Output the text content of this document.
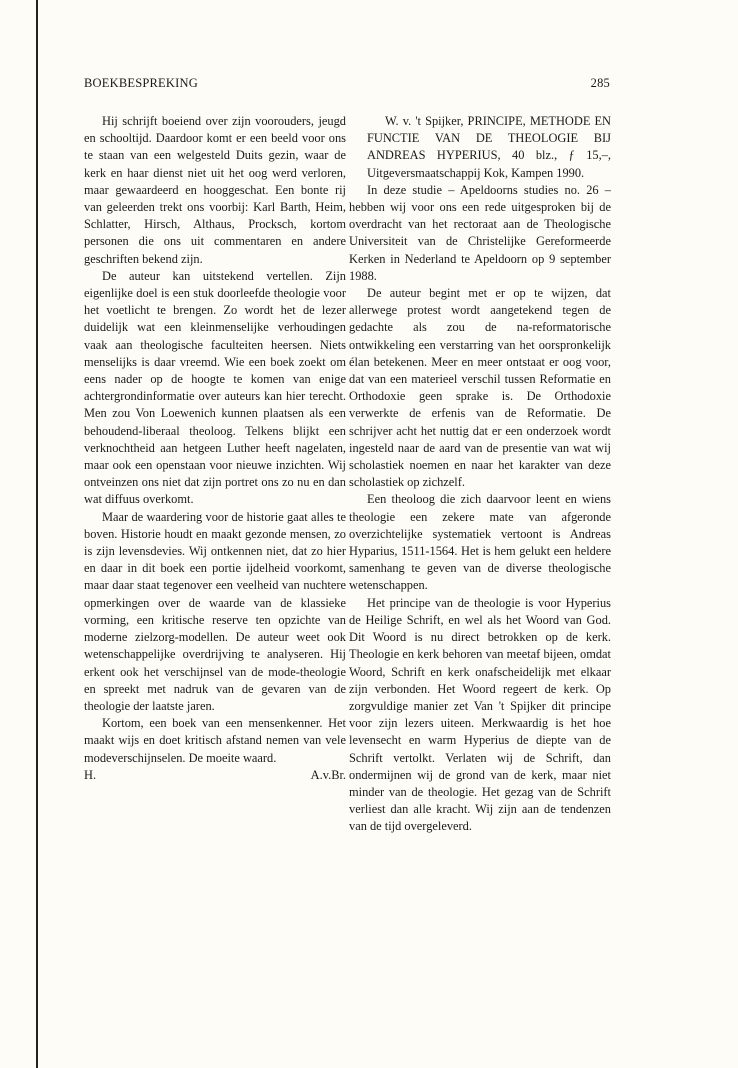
BOEKBESPREKING	285

Hij schrijft boeiend over zijn voorouders, jeugd en schooltijd. Daardoor komt er een beeld voor ons te staan van een welgesteld Duits gezin, waar de kerk en haar dienst niet uit het oog werd verloren, maar gewaardeerd en hooggeschat. Een bonte rij van geleerden trekt ons voorbij: Karl Barth, Heim, Schlatter, Hirsch, Althaus, Procksch, kortom personen die ons uit commentaren en andere geschriften bekend zijn.

De auteur kan uitstekend vertellen. Zijn eigenlijke doel is een stuk doorleefde theologie voor het voetlicht te brengen. Zo wordt het de lezer duidelijk wat een kleinmenselijke verhoudingen vaak aan theologische faculteiten heersen. Niets menselijks is daar vreemd. Wie een boek zoekt om eens nader op de hoogte te komen van enige achtergrondinformatie over auteurs kan hier terecht. Men zou Von Loewenich kunnen plaatsen als een behoudend-liberaal theoloog. Telkens blijkt een verknochtheid aan hetgeen Luther heeft nagelaten, maar ook een openstaan voor nieuwe inzichten. Wij ontveinzen ons niet dat zijn portret ons zo nu en dan wat diffuus overkomt.

Maar de waardering voor de historie gaat alles te boven. Historie houdt en maakt gezonde mensen, zo is zijn levensdevies. Wij ontkennen niet, dat zo hier en daar in dit boek een portie ijdelheid voorkomt, maar daar staat tegenover een veelheid van nuchtere opmerkingen over de waarde van de klassieke vorming, een kritische reserve ten opzichte van moderne zielzorg-modellen. De auteur weet ook wetenschappelijke overdrijving te analyseren. Hij erkent ook het verschijnsel van de mode-theologie en spreekt met nadruk van de gevaren van de theologie der laatste jaren.

Kortom, een boek van een mensenkenner. Het maakt wijs en doet kritisch afstand nemen van vele modeverschijnselen. De moeite waard.

H.	A.v.Br.

W. v. 't Spijker, PRINCIPE, METHODE EN FUNCTIE VAN DE THEOLOGIE BIJ ANDREAS HYPERIUS, 40 blz., ƒ 15,–, Uitgeversmaatschappij Kok, Kampen 1990.

In deze studie – Apeldoorns studies no. 26 – hebben wij voor ons een rede uitgesproken bij de overdracht van het rectoraat aan de Theologische Universiteit van de Christelijke Gereformeerde Kerken in Nederland te Apeldoorn op 9 september 1988.

De auteur begint met er op te wijzen, dat allerwege protest wordt aangetekend tegen de gedachte als zou de na-reformatorische ontwikkeling een verstarring van het oorspronkelijk élan betekenen. Meer en meer ontstaat er oog voor, dat van een materieel verschil tussen Reformatie en Orthodoxie geen sprake is. De Orthodoxie verwerkte de erfenis van de Reformatie. De schrijver acht het nuttig dat er een onderzoek wordt ingesteld naar de aard van de presentie van wat wij scholastiek noemen en naar het karakter van deze scholastiek op zichzelf.

Een theoloog die zich daarvoor leent en wiens theologie een zekere mate van afgeronde overzichtelijke systematiek vertoont is Andreas Hyparius, 1511-1564. Het is hem gelukt een heldere samenhang te geven van de diverse theologische wetenschappen.

Het principe van de theologie is voor Hyperius de Heilige Schrift, en wel als het Woord van God. Dit Woord is nu direct betrokken op de kerk. Theologie en kerk behoren van meetaf bijeen, omdat Woord, Schrift en kerk onafscheidelijk met elkaar zijn verbonden. Het Woord regeert de kerk. Op zorgvuldige manier zet Van 't Spijker dit principe voor zijn lezers uiteen. Merkwaardig is het hoe levensecht en warm Hyperius de diepte van de Schrift vertolkt. Verlaten wij de Schrift, dan ondermijnen wij de grond van de kerk, maar niet minder van de theologie. Het gezag van de Schrift verliest dan alle kracht. Wij zijn aan de tendenzen van de tijd overgeleverd.
